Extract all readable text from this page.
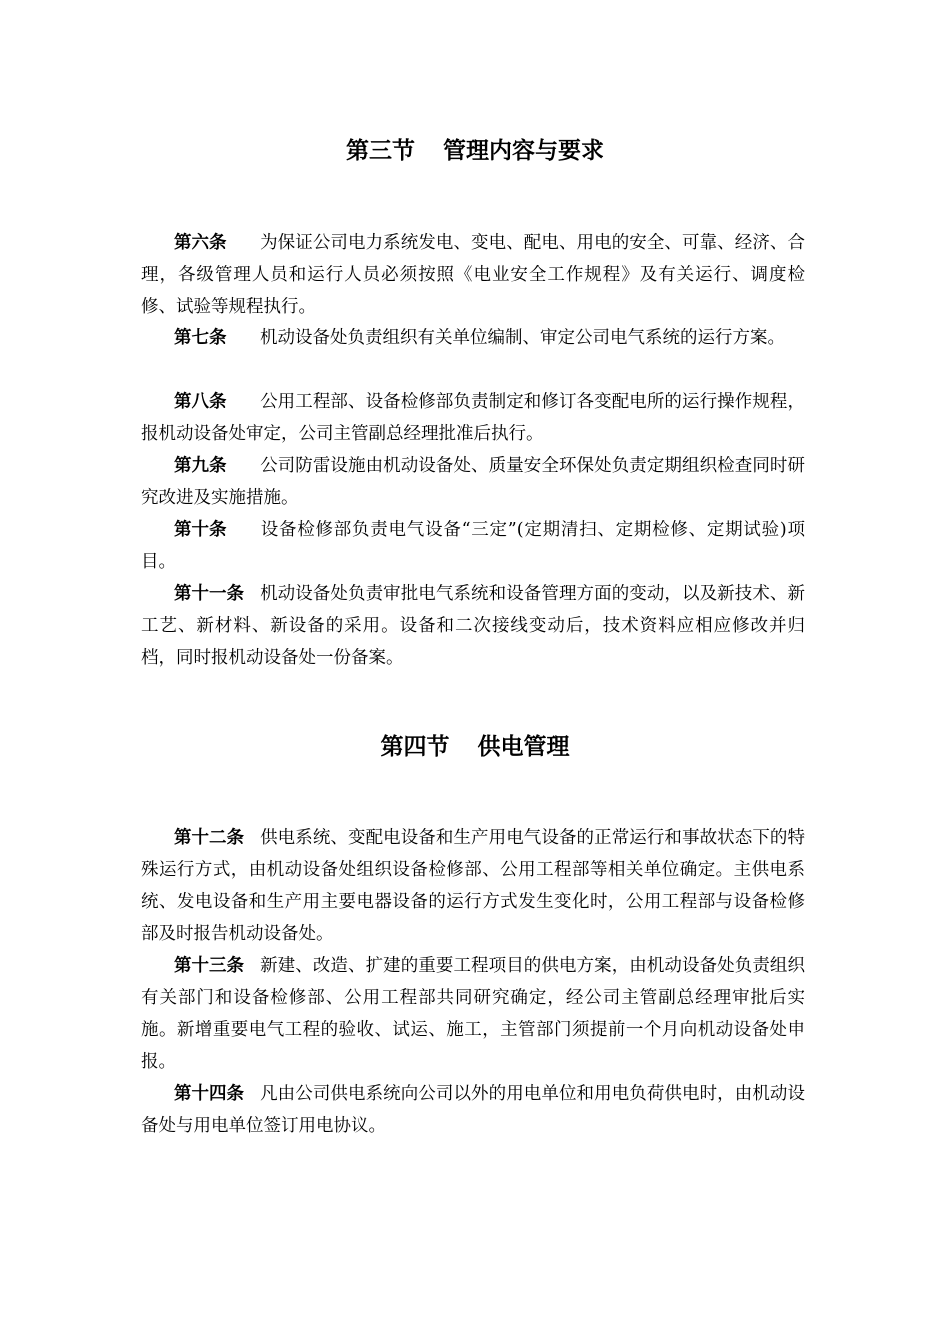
第三节 管理内容与要求

第六条 为保证公司电力系统发电、变电、配电、用电的安全、可靠、经济、合理，各级管理人员和运行人员必须按照《电业安全工作规程》及有关运行、调度检修、试验等规程执行。

第七条 机动设备处负责组织有关单位编制、审定公司电气系统的运行方案。

第八条 公用工程部、设备检修部负责制定和修订各变配电所的运行操作规程，报机动设备处审定，公司主管副总经理批准后执行。

第九条 公司防雷设施由机动设备处、质量安全环保处负责定期组织检查同时研究改进及实施措施。

第十条 设备检修部负责电气设备“三定”(定期清扫、定期检修、定期试验)项目。

第十一条 机动设备处负责审批电气系统和设备管理方面的变动，以及新技术、新工艺、新材料、新设备的采用。设备和二次接线变动后，技术资料应相应修改并归档，同时报机动设备处一份备案。

第四节 供电管理

第十二条 供电系统、变配电设备和生产用电气设备的正常运行和事故状态下的特殊运行方式，由机动设备处组织设备检修部、公用工程部等相关单位确定。主供电系统、发电设备和生产用主要电器设备的运行方式发生变化时，公用工程部与设备检修部及时报告机动设备处。

第十三条 新建、改造、扩建的重要工程项目的供电方案，由机动设备处负责组织有关部门和设备检修部、公用工程部共同研究确定，经公司主管副总经理审批后实施。新增重要电气工程的验收、试运、施工，主管部门须提前一个月向机动设备处申报。

第十四条 凡由公司供电系统向公司以外的用电单位和用电负荷供电时，由机动设备处与用电单位签订用电协议。
